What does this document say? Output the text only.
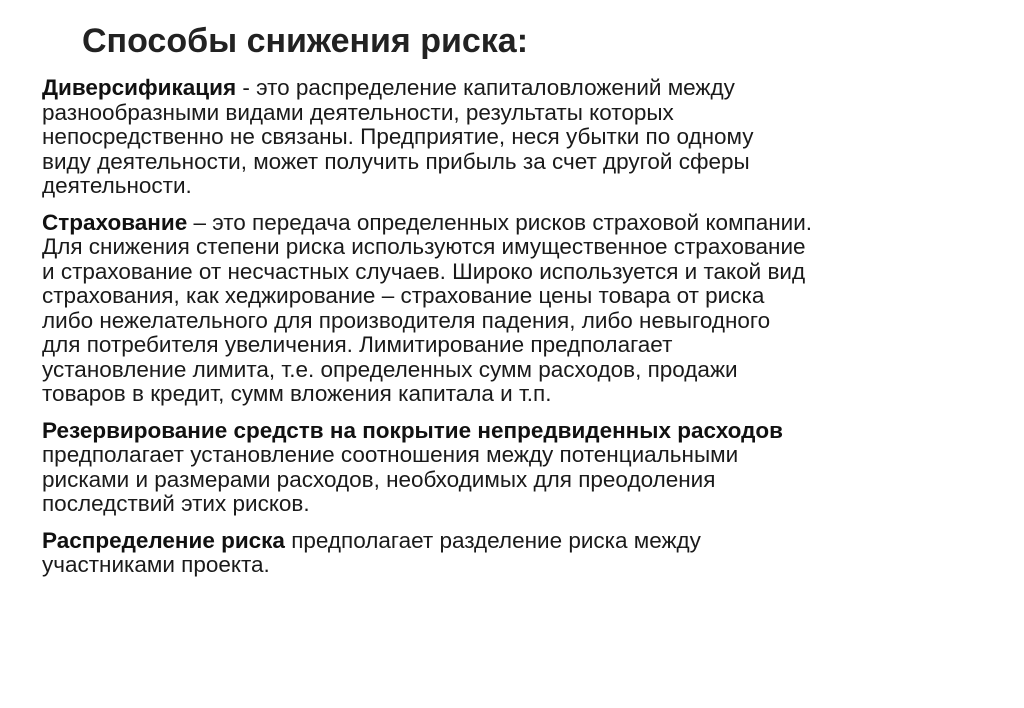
Способы снижения риска:

Диверсификация - это распределение капиталовложений между
разнообразными видами деятельности, результаты которых
непосредственно не связаны. Предприятие, неся убытки по одному
виду деятельности, может получить прибыль за счет другой сферы
деятельности.

Страхование – это передача определенных рисков страховой компании.
Для снижения степени риска используются имущественное страхование
и страхование от несчастных случаев. Широко используется и такой вид
страхования, как хеджирование – страхование цены товара от риска
либо нежелательного для производителя падения, либо невыгодного
для потребителя увеличения. Лимитирование предполагает
установление лимита, т.е. определенных сумм расходов, продажи
товаров в кредит, сумм вложения капитала и т.п.

Резервирование средств на покрытие непредвиденных расходов
предполагает установление соотношения между потенциальными
рисками и размерами расходов, необходимых для преодоления
последствий этих рисков.

Распределение риска предполагает разделение риска между
участниками проекта.
